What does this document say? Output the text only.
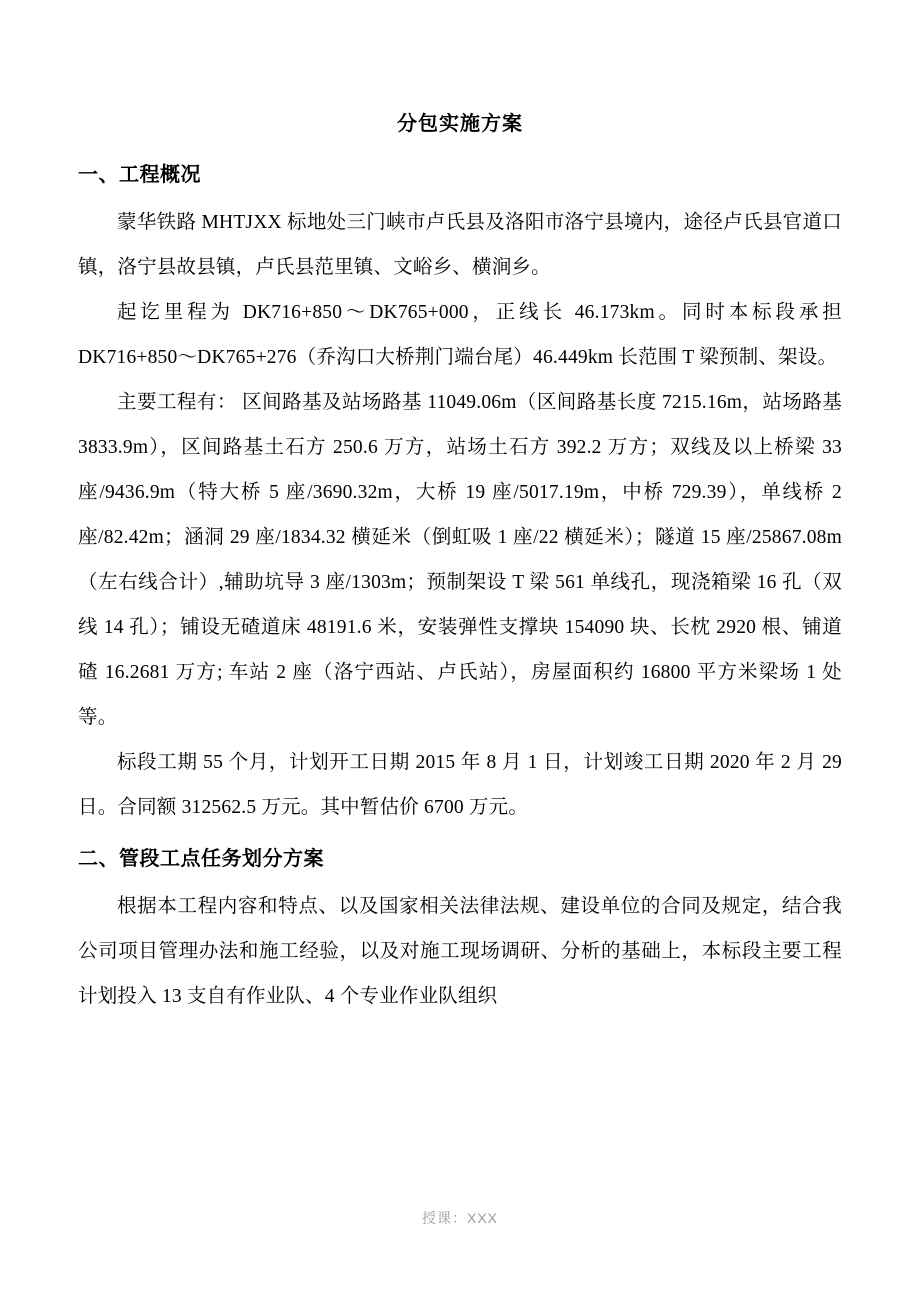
分包实施方案
一、工程概况

蒙华铁路 MHTJXX 标地处三门峡市卢氏县及洛阳市洛宁县境内，途径卢氏县官道口镇，洛宁县故县镇，卢氏县范里镇、文峪乡、横涧乡。

起讫里程为 DK716+850～DK765+000，正线长 46.173km。同时本标段承担 DK716+850～DK765+276（乔沟口大桥荆门端台尾）46.449km 长范围 T 梁预制、架设。

主要工程有： 区间路基及站场路基 11049.06m（区间路基长度 7215.16m，站场路基 3833.9m），区间路基土石方 250.6 万方，站场土石方 392.2 万方；双线及以上桥梁 33 座/9436.9m（特大桥 5 座/3690.32m，大桥 19 座/5017.19m，中桥 729.39），单线桥 2 座/82.42m；涵洞 29 座/1834.32 横延米（倒虹吸 1 座/22 横延米）；隧道 15 座/25867.08m（左右线合计）,辅助坑导 3 座/1303m；预制架设 T 梁 561 单线孔，现浇箱梁 16 孔（双线 14 孔）；铺设无碴道床 48191.6 米，安装弹性支撑块 154090 块、长枕 2920 根、铺道碴 16.2681 万方; 车站 2 座（洛宁西站、卢氏站），房屋面积约 16800 平方米梁场 1 处等。

标段工期 55 个月，计划开工日期 2015 年 8 月 1 日，计划竣工日期 2020 年 2 月 29 日。合同额 312562.5 万元。其中暂估价 6700 万元。

二、管段工点任务划分方案

根据本工程内容和特点、以及国家相关法律法规、建设单位的合同及规定，结合我公司项目管理办法和施工经验，以及对施工现场调研、分析的基础上，本标段主要工程计划投入 13 支自有作业队、4 个专业作业队组织

授课：XXX
